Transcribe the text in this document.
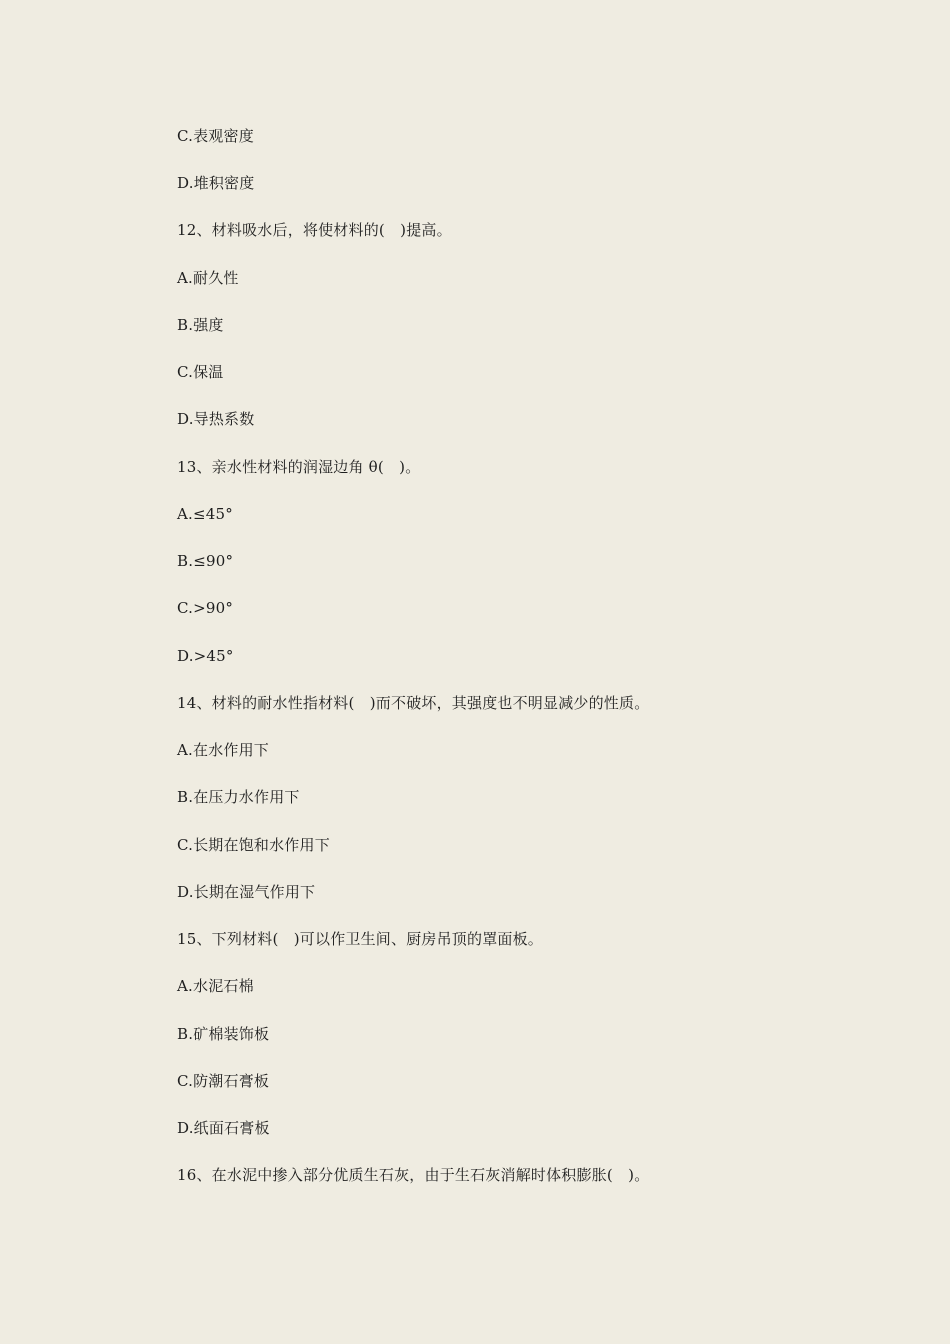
C.表观密度
D.堆积密度
12、材料吸水后，将使材料的(　)提高。
A.耐久性
B.强度
C.保温
D.导热系数
13、亲水性材料的润湿边角 θ(　)。
A.≤45°
B.≤90°
C.>90°
D.>45°
14、材料的耐水性指材料(　)而不破坏，其强度也不明显减少的性质。
A.在水作用下
B.在压力水作用下
C.长期在饱和水作用下
D.长期在湿气作用下
15、下列材料(　)可以作卫生间、厨房吊顶的罩面板。
A.水泥石棉
B.矿棉装饰板
C.防潮石膏板
D.纸面石膏板
16、在水泥中掺入部分优质生石灰，由于生石灰消解时体积膨胀(　)。
